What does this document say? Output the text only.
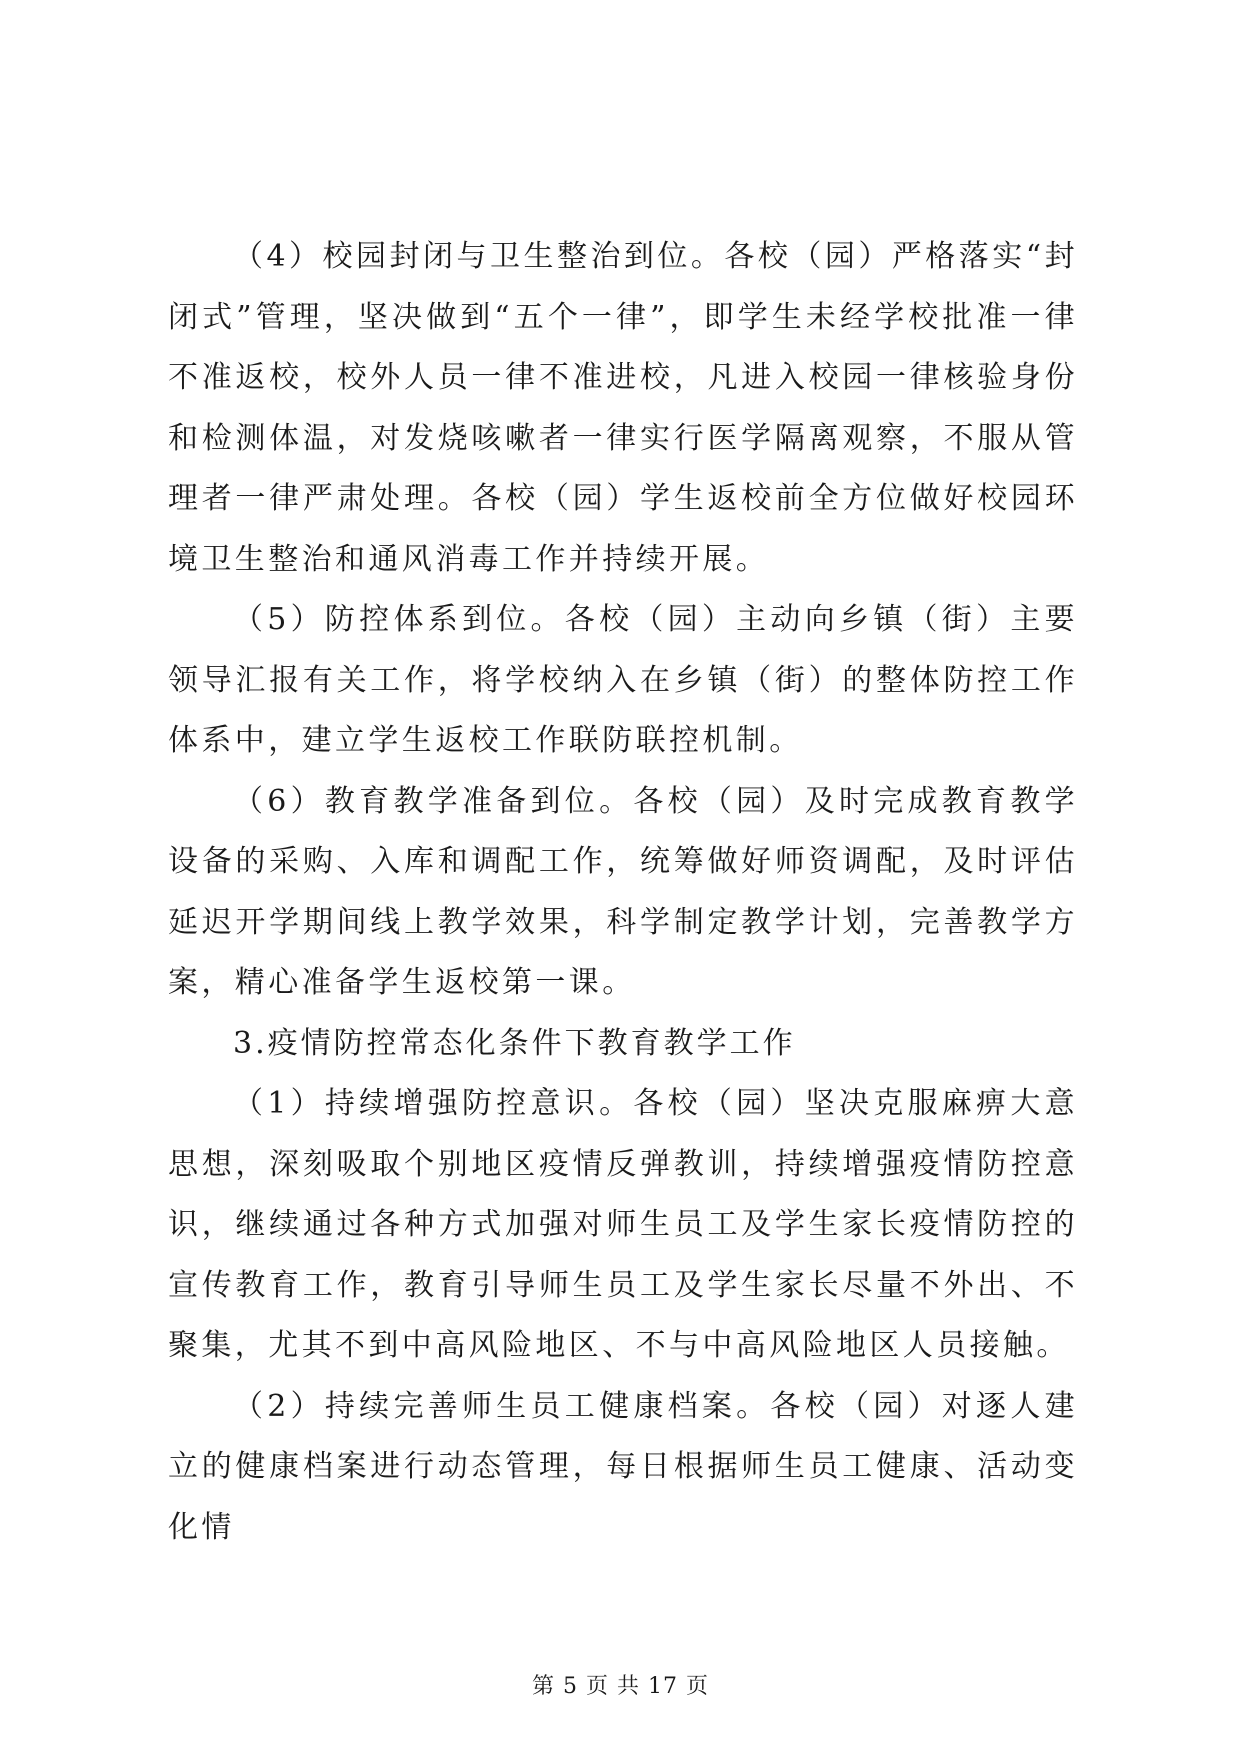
（4）校园封闭与卫生整治到位。各校（园）严格落实“封闭式”管理，坚决做到“五个一律”，即学生未经学校批准一律不准返校，校外人员一律不准进校，凡进入校园一律核验身份和检测体温，对发烧咳嗽者一律实行医学隔离观察，不服从管理者一律严肃处理。各校（园）学生返校前全方位做好校园环境卫生整治和通风消毒工作并持续开展。

（5）防控体系到位。各校（园）主动向乡镇（街）主要领导汇报有关工作，将学校纳入在乡镇（街）的整体防控工作体系中，建立学生返校工作联防联控机制。

（6）教育教学准备到位。各校（园）及时完成教育教学设备的采购、入库和调配工作，统筹做好师资调配，及时评估延迟开学期间线上教学效果，科学制定教学计划，完善教学方案，精心准备学生返校第一课。

3.疫情防控常态化条件下教育教学工作

（1）持续增强防控意识。各校（园）坚决克服麻痹大意思想，深刻吸取个别地区疫情反弹教训，持续增强疫情防控意识，继续通过各种方式加强对师生员工及学生家长疫情防控的宣传教育工作，教育引导师生员工及学生家长尽量不外出、不聚集，尤其不到中高风险地区、不与中高风险地区人员接触。

（2）持续完善师生员工健康档案。各校（园）对逐人建立的健康档案进行动态管理，每日根据师生员工健康、活动变化情

第 5 页 共 17 页
